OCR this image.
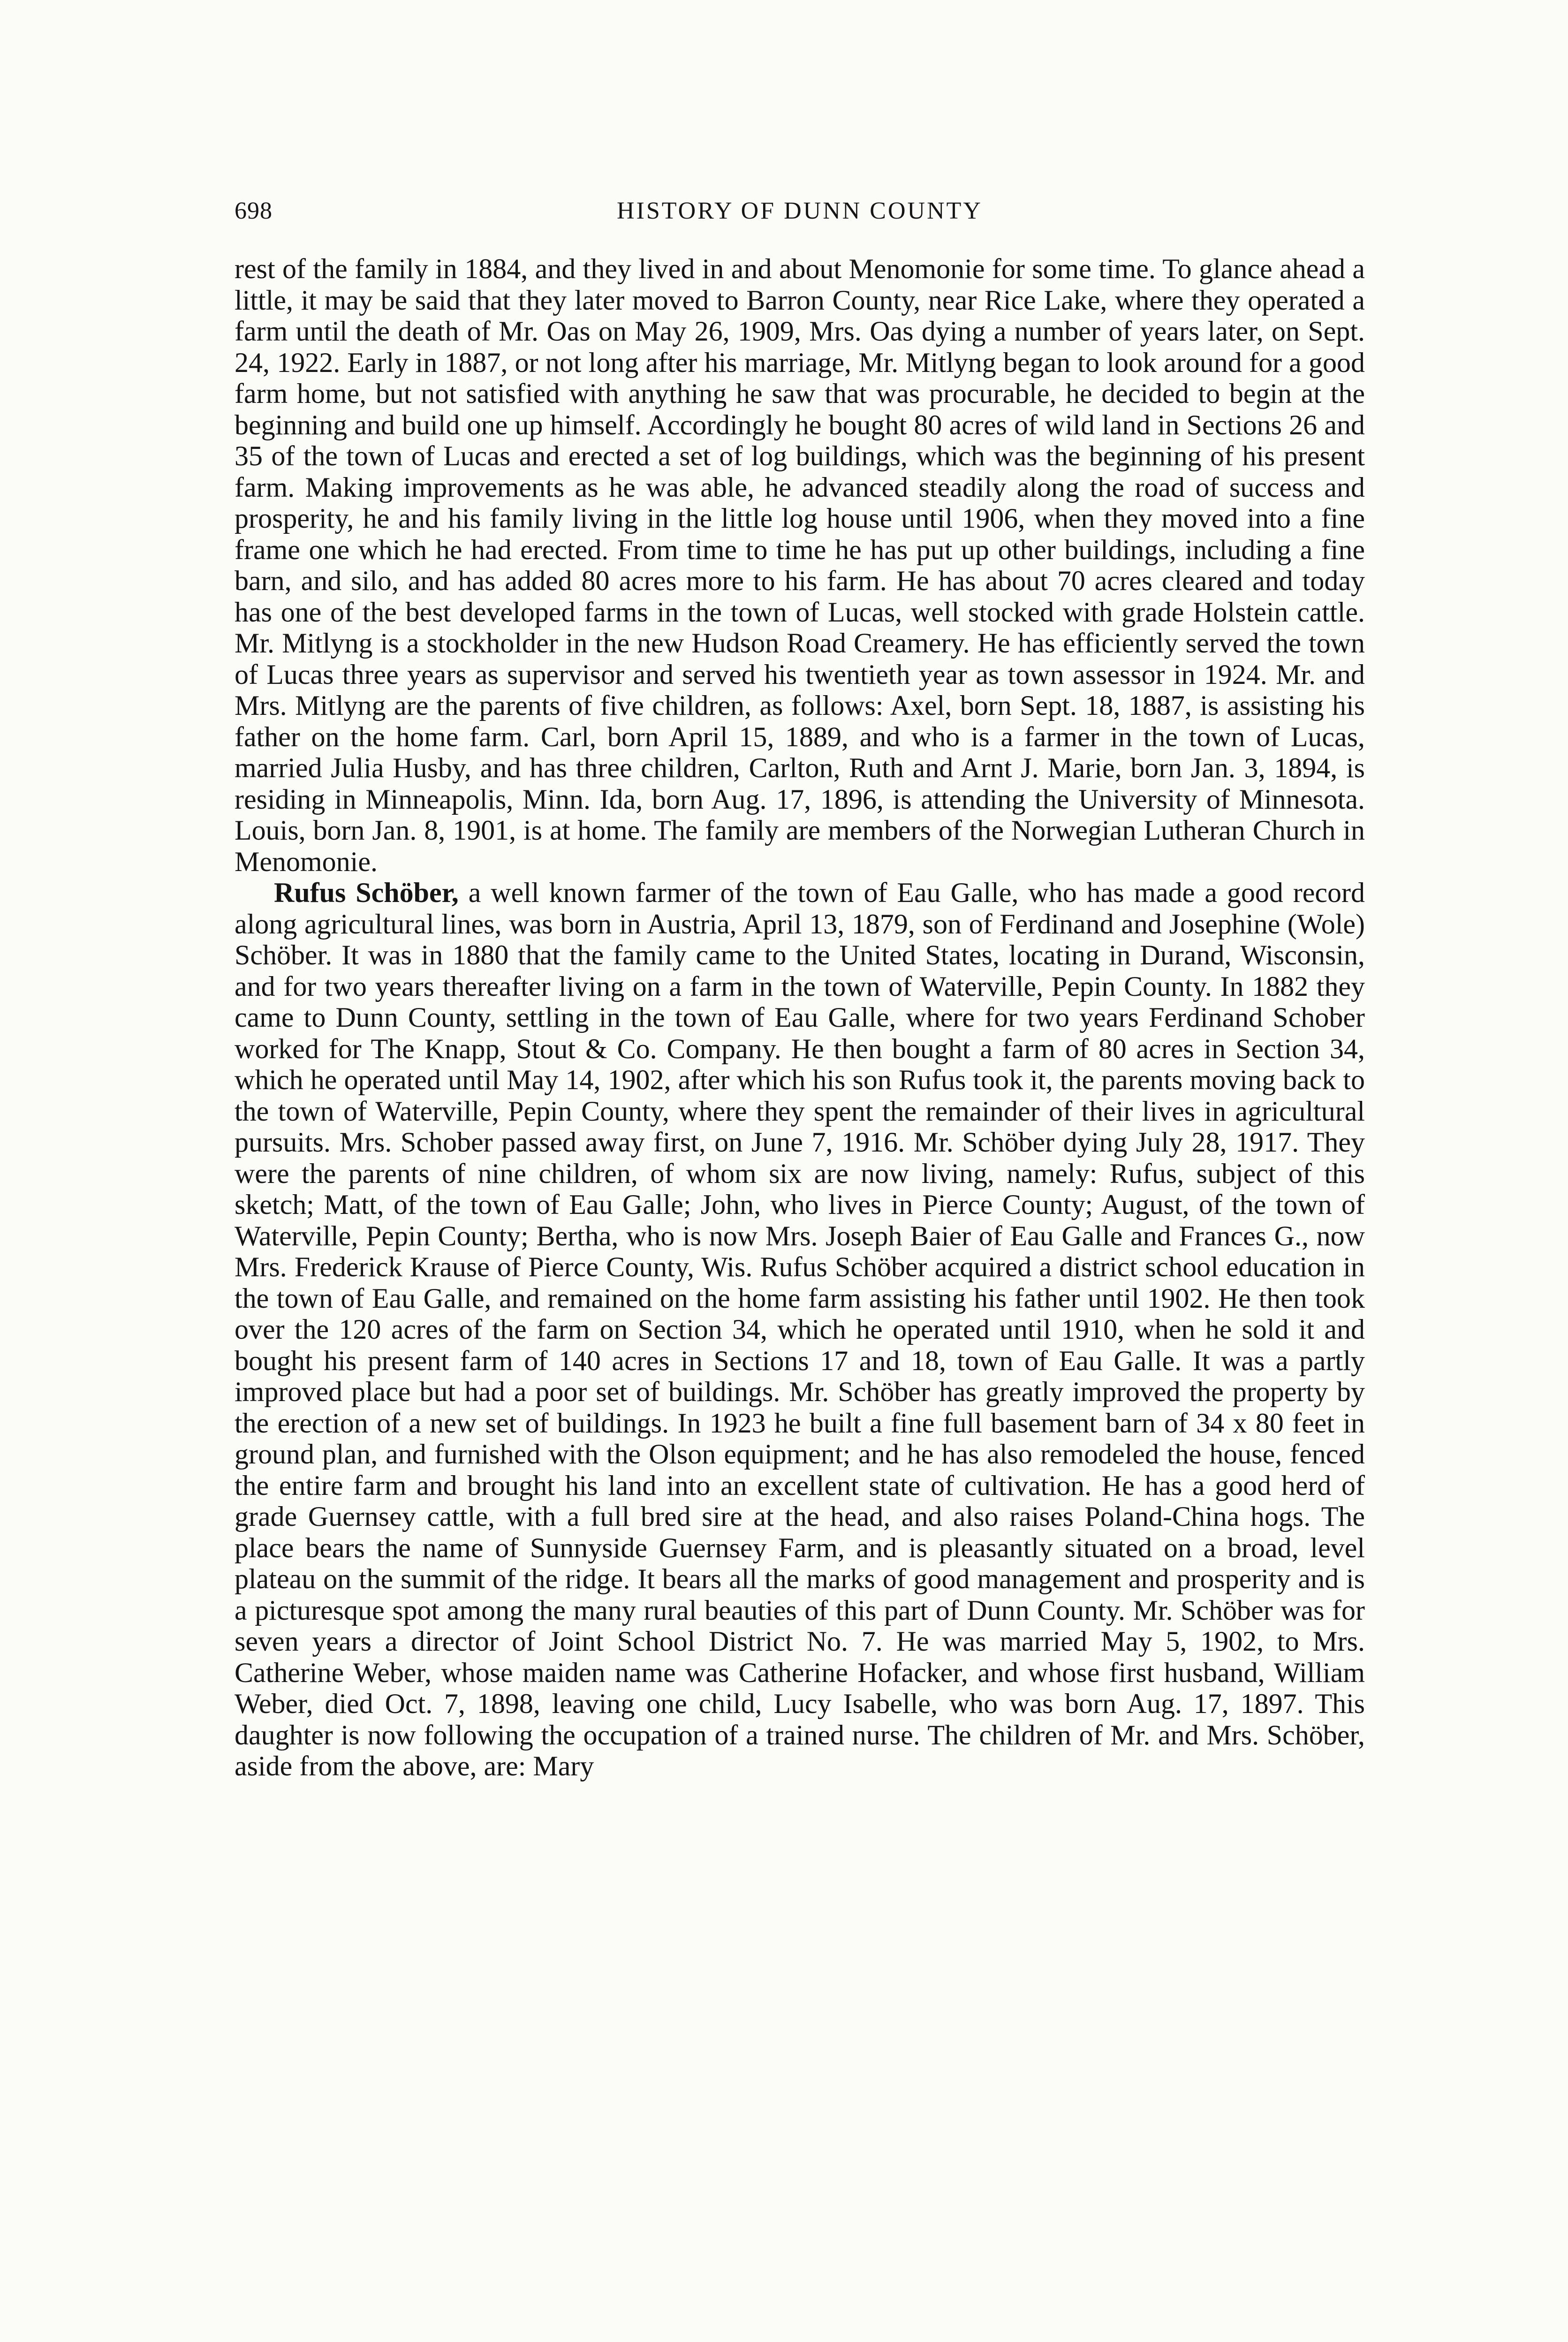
698	HISTORY OF DUNN COUNTY

rest of the family in 1884, and they lived in and about Menomonie for some time. To glance ahead a little, it may be said that they later moved to Barron County, near Rice Lake, where they operated a farm until the death of Mr. Oas on May 26, 1909, Mrs. Oas dying a number of years later, on Sept. 24, 1922. Early in 1887, or not long after his marriage, Mr. Mitlyng began to look around for a good farm home, but not satisfied with anything he saw that was procurable, he decided to begin at the beginning and build one up himself. Accordingly he bought 80 acres of wild land in Sections 26 and 35 of the town of Lucas and erected a set of log buildings, which was the beginning of his present farm. Making improvements as he was able, he advanced steadily along the road of success and prosperity, he and his family living in the little log house until 1906, when they moved into a fine frame one which he had erected. From time to time he has put up other buildings, including a fine barn, and silo, and has added 80 acres more to his farm. He has about 70 acres cleared and today has one of the best developed farms in the town of Lucas, well stocked with grade Holstein cattle. Mr. Mitlyng is a stockholder in the new Hudson Road Creamery. He has efficiently served the town of Lucas three years as supervisor and served his twentieth year as town assessor in 1924. Mr. and Mrs. Mitlyng are the parents of five children, as follows: Axel, born Sept. 18, 1887, is assisting his father on the home farm. Carl, born April 15, 1889, and who is a farmer in the town of Lucas, married Julia Husby, and has three children, Carlton, Ruth and Arnt J. Marie, born Jan. 3, 1894, is residing in Minneapolis, Minn. Ida, born Aug. 17, 1896, is attending the University of Minnesota. Louis, born Jan. 8, 1901, is at home. The family are members of the Norwegian Lutheran Church in Menomonie.

Rufus Schöber, a well known farmer of the town of Eau Galle, who has made a good record along agricultural lines, was born in Austria, April 13, 1879, son of Ferdinand and Josephine (Wole) Schöber. It was in 1880 that the family came to the United States, locating in Durand, Wisconsin, and for two years thereafter living on a farm in the town of Waterville, Pepin County. In 1882 they came to Dunn County, settling in the town of Eau Galle, where for two years Ferdinand Schober worked for The Knapp, Stout & Co. Company. He then bought a farm of 80 acres in Section 34, which he operated until May 14, 1902, after which his son Rufus took it, the parents moving back to the town of Waterville, Pepin County, where they spent the remainder of their lives in agricultural pursuits. Mrs. Schober passed away first, on June 7, 1916. Mr. Schöber dying July 28, 1917. They were the parents of nine children, of whom six are now living, namely: Rufus, subject of this sketch; Matt, of the town of Eau Galle; John, who lives in Pierce County; August, of the town of Waterville, Pepin County; Bertha, who is now Mrs. Joseph Baier of Eau Galle and Frances G., now Mrs. Frederick Krause of Pierce County, Wis. Rufus Schöber acquired a district school education in the town of Eau Galle, and remained on the home farm assisting his father until 1902. He then took over the 120 acres of the farm on Section 34, which he operated until 1910, when he sold it and bought his present farm of 140 acres in Sections 17 and 18, town of Eau Galle. It was a partly improved place but had a poor set of buildings. Mr. Schöber has greatly improved the property by the erection of a new set of buildings. In 1923 he built a fine full basement barn of 34 x 80 feet in ground plan, and furnished with the Olson equipment; and he has also remodeled the house, fenced the entire farm and brought his land into an excellent state of cultivation. He has a good herd of grade Guernsey cattle, with a full bred sire at the head, and also raises Poland-China hogs. The place bears the name of Sunnyside Guernsey Farm, and is pleasantly situated on a broad, level plateau on the summit of the ridge. It bears all the marks of good management and prosperity and is a picturesque spot among the many rural beauties of this part of Dunn County. Mr. Schöber was for seven years a director of Joint School District No. 7. He was married May 5, 1902, to Mrs. Catherine Weber, whose maiden name was Catherine Hofacker, and whose first husband, William Weber, died Oct. 7, 1898, leaving one child, Lucy Isabelle, who was born Aug. 17, 1897. This daughter is now following the occupation of a trained nurse. The children of Mr. and Mrs. Schöber, aside from the above, are: Mary
